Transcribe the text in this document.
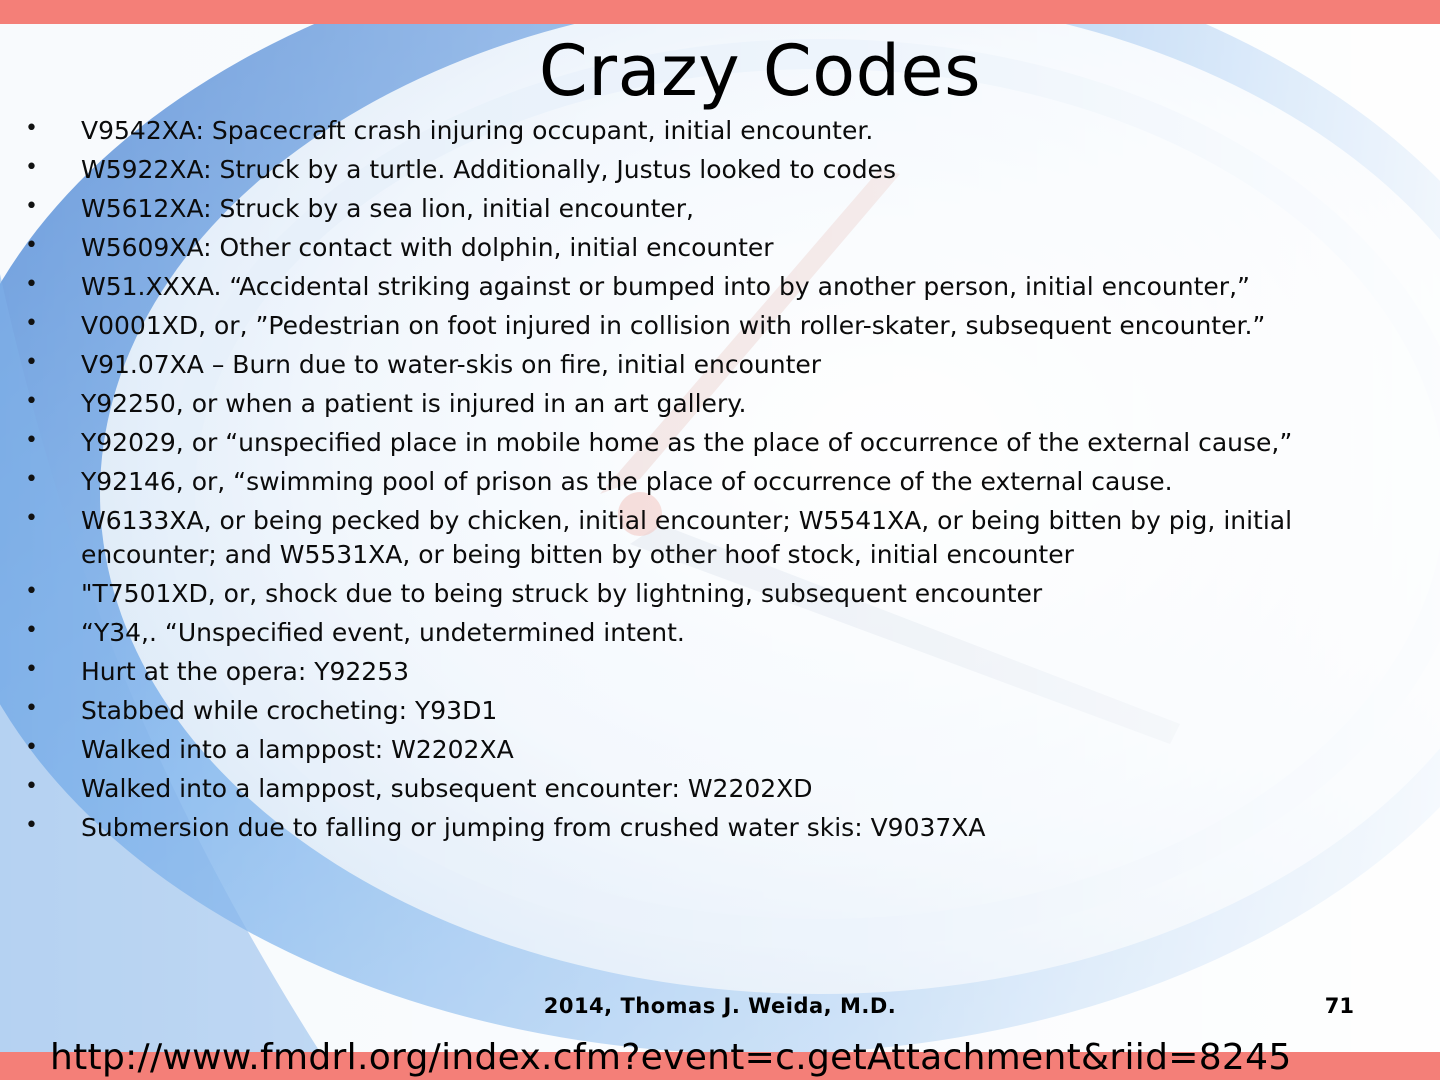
Crazy Codes
• V9542XA: Spacecraft crash injuring occupant, initial encounter.
• W5922XA: Struck by a turtle. Additionally, Justus looked to codes
• W5612XA: Struck by a sea lion, initial encounter,
• W5609XA: Other contact with dolphin, initial encounter
• W51.XXXA. “Accidental striking against or bumped into by another person, initial encounter,”
• V0001XD, or, ”Pedestrian on foot injured in collision with roller-skater, subsequent encounter.”
• V91.07XA – Burn due to water-skis on fire, initial encounter
• Y92250, or when a patient is injured in an art gallery.
• Y92029, or “unspecified place in mobile home as the place of occurrence of the external cause,”
• Y92146, or, “swimming pool of prison as the place of occurrence of the external cause.
• W6133XA, or being pecked by chicken, initial encounter; W5541XA, or being bitten by pig, initial encounter; and W5531XA, or being bitten by other hoof stock, initial encounter
• "T7501XD, or, shock due to being struck by lightning, subsequent encounter
• “Y34,. “Unspecified event, undetermined intent.
• Hurt at the opera: Y92253
• Stabbed while crocheting: Y93D1
• Walked into a lamppost: W2202XA
• Walked into a lamppost, subsequent encounter: W2202XD
• Submersion due to falling or jumping from crushed water skis: V9037XA
2014, Thomas J. Weida, M.D.	71
http://www.fmdrl.org/index.cfm?event=c.getAttachment&riid=8245
